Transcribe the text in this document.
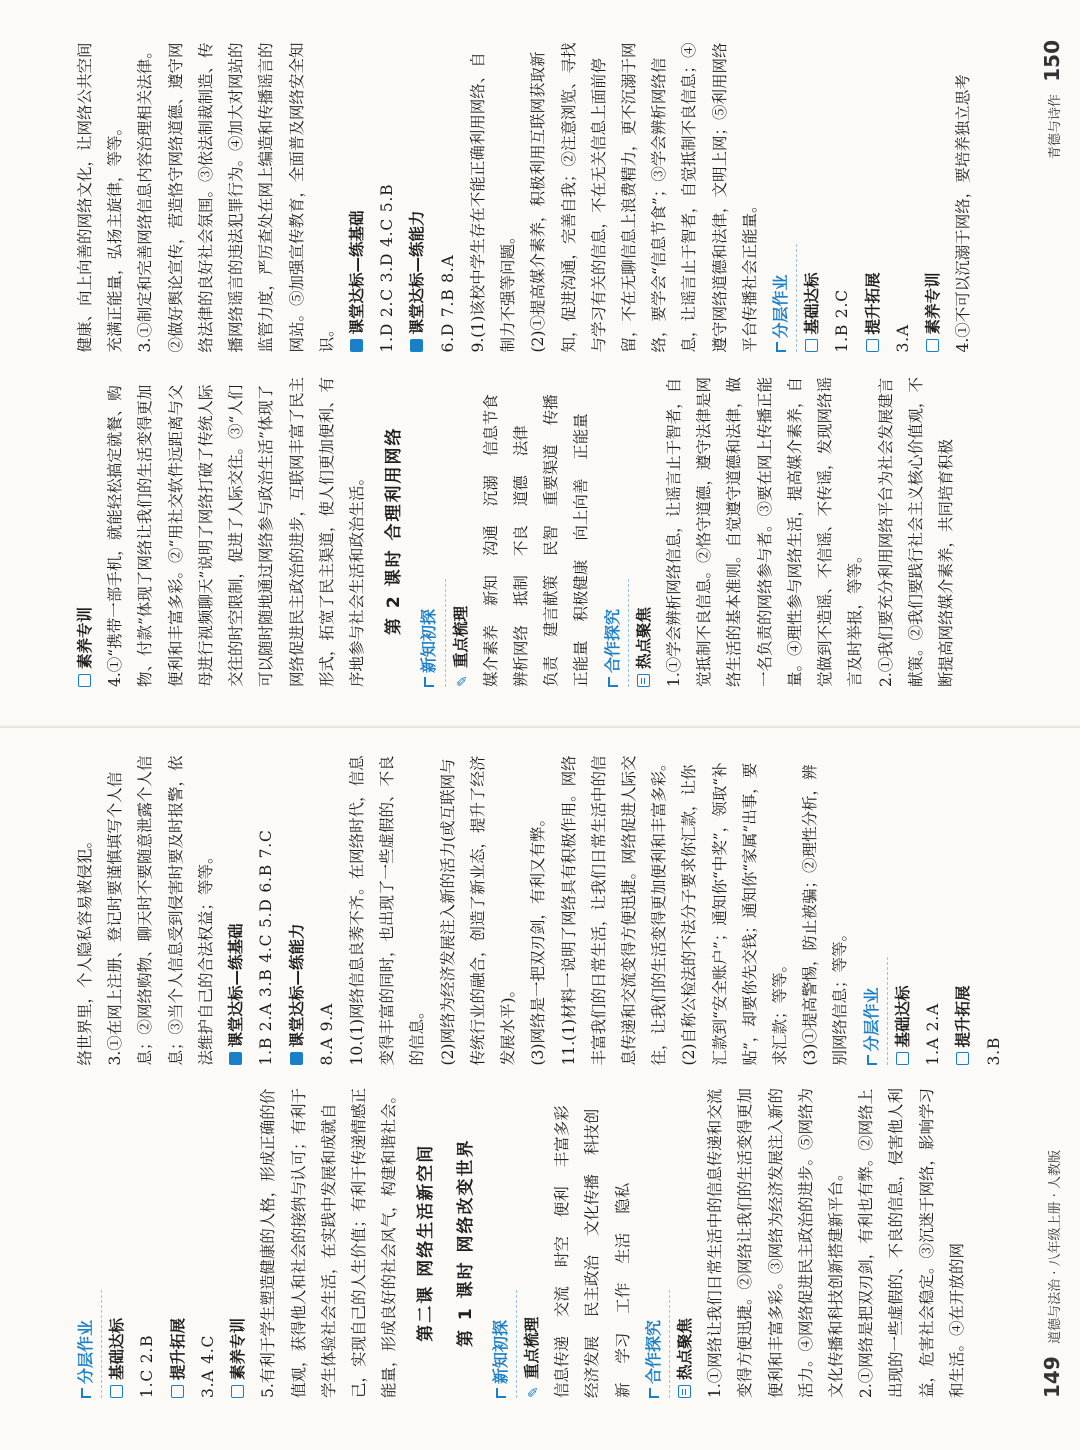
分层作业 基础达标 1.C 2.B 提升拓展 3.A 4.C 素养专训 5.有利于学生塑造健康的人格，形成正确的价值观，获得他人和社会的接纳与认可；有利于学生体验社会生活，在实践中发展和成就自己，实现自己的人生价值；有利于传递情感正能量，形成良好的社会风气，构建和谐社会。	第二课 网络生活新空间	第 1 课时 网络改变世界
新知初探
✎ 重点梳理 信息传递 交流 时空 便利 丰富多彩 经济发展 民主政治 文化传播 科技创 新 学习 工作 生活 隐私 合作探究 热点聚焦 1.①网络让我们日常生活中的信息传递和交流变得方便迅捷。②网络让我们的生活变得更加便利和丰富多彩。③网络为经济发展注入新的活力。④网络促进民主政治的进步。⑤网络为文化传播和科技创新搭建新平台。 2.①网络是把双刃剑，有利也有弊。②网络上出现的一些虚假的、不良的信息，侵害他人利益，危害社会稳定。③沉迷于网络，影响学习和生活。④在开放的网
络世界里，个人隐私容易被侵犯。 3.①在网上注册、登记时要谨慎填写个人信息；②网络购物、聊天时不要随意泄露个人信息；③当个人信息受到侵害时要及时报警，依法维护自己的合法权益；等等。 课堂达标—练基础 1.B 2.A 3.B 4.C 5.D 6.B 7.C 课堂达标—练能力 8.A 9.A 10.(1)网络信息良莠不齐。在网络时代，信息变得丰富的同时，也出现了一些虚假的、不良的信息。 (2)网络为经济发展注入新的活力(或互联网与传统行业的融合，创造了新业态，提升了经济发展水平)。 (3)网络是一把双刃剑，有利又有弊。 11.(1)材料一说明了网络具有积极作用。网络丰富我们的日常生活，让我们日常生活中的信息传递和交流变得方便迅捷。网络促进人际交往，让我们的生活变得更加便利和丰富多彩。 (2)自称公检法的不法分子要求你汇款，让你汇款到“安全账户”；通知你“中奖”，领取“补贴”，却要你先交钱；通知你“家属”出事，要求汇款；等等。 (3)①提高警惕，防止被骗；②理性分析，辨别网络信息；等等。 分层作业 基础达标 1.A 2.A 提升拓展
3.B
149   道德与法治 · 八年级上册 · 人教版
素养专训 4.①“携带一部手机，就能轻松搞定就餐、购物、付款”体现了网络让我们的生活变得更加便利和丰富多彩。②“用社交软件远距离与父母进行视频聊天”说明了网络打破了传统人际交往的时空限制，促进了人际交往。③“人们可以随时随地通过网络参与政治生活”体现了网络促进民主政治的进步，互联网丰富了民主形式，拓宽了民主渠道，使人们更加便利、有序地参与社会生活和政治生活。	第 2 课时 合理利用网络
新知初探
✎ 重点梳理 媒介素养 新知 沟通 沉溺 信息节食 辨析网络 抵制 不良 道德 法律 负责 建言献策 民智 重要渠道 传播 正能量 积极健康 向上向善 正能量 合作探究 热点聚焦 1.①学会辨析网络信息，让谣言止于智者，自觉抵制不良信息。②恪守道德，遵守法律是网络生活的基本准则。自觉遵守道德和法律，做一名负责的网络参与者。③要在网上传播正能量。④理性参与网络生活，提高媒介素养，自觉做到不造谣、不信谣、不传谣，发现网络谣言及时举报，等等。 2.①我们要充分利用网络平台为社会发展建言献策。②我们要践行社会主义核心价值观，不断提高网络媒介素养，共同培育积极
健康、向上向善的网络文化，让网络公共空间充满正能量，弘扬主旋律，等等。 3.①制定和完善网络信息内容治理相关法律。②做好舆论宣传，营造恪守网络道德、遵守网络法律的良好社会氛围。③依法制裁制造、传播网络谣言的违法犯罪行为。④加大对网站的监管力度，严厉查处在网上编造和传播谣言的网站。⑤加强宣传教育，全面普及网络安全知识。
课堂达标—练基础 1.D 2.C 3.D 4.C 5.B 课堂达标—练能力 6.D 7.B 8.A 9.(1)该校中学生存在不能正确利用网络、自制力不强等问题。 (2)①提高媒介素养，积极利用互联网获取新知，促进沟通，完善自我；②注意浏览、寻找与学习有关的信息，不在无关信息上面前停留，不在无聊信息上浪费精力，更不沉溺于网络，要学会“信息节食”；③学会辨析网络信息，让谣言止于智者，自觉抵制不良信息；④遵守网络道德和法律，文明上网；⑤利用网络平台传播社会正能量。 分层作业 基础达标 1.B 2.C 提升拓展
3.A
素养专训 4.①不可以沉溺于网络，要培养独立思考	青德与诗作   150
